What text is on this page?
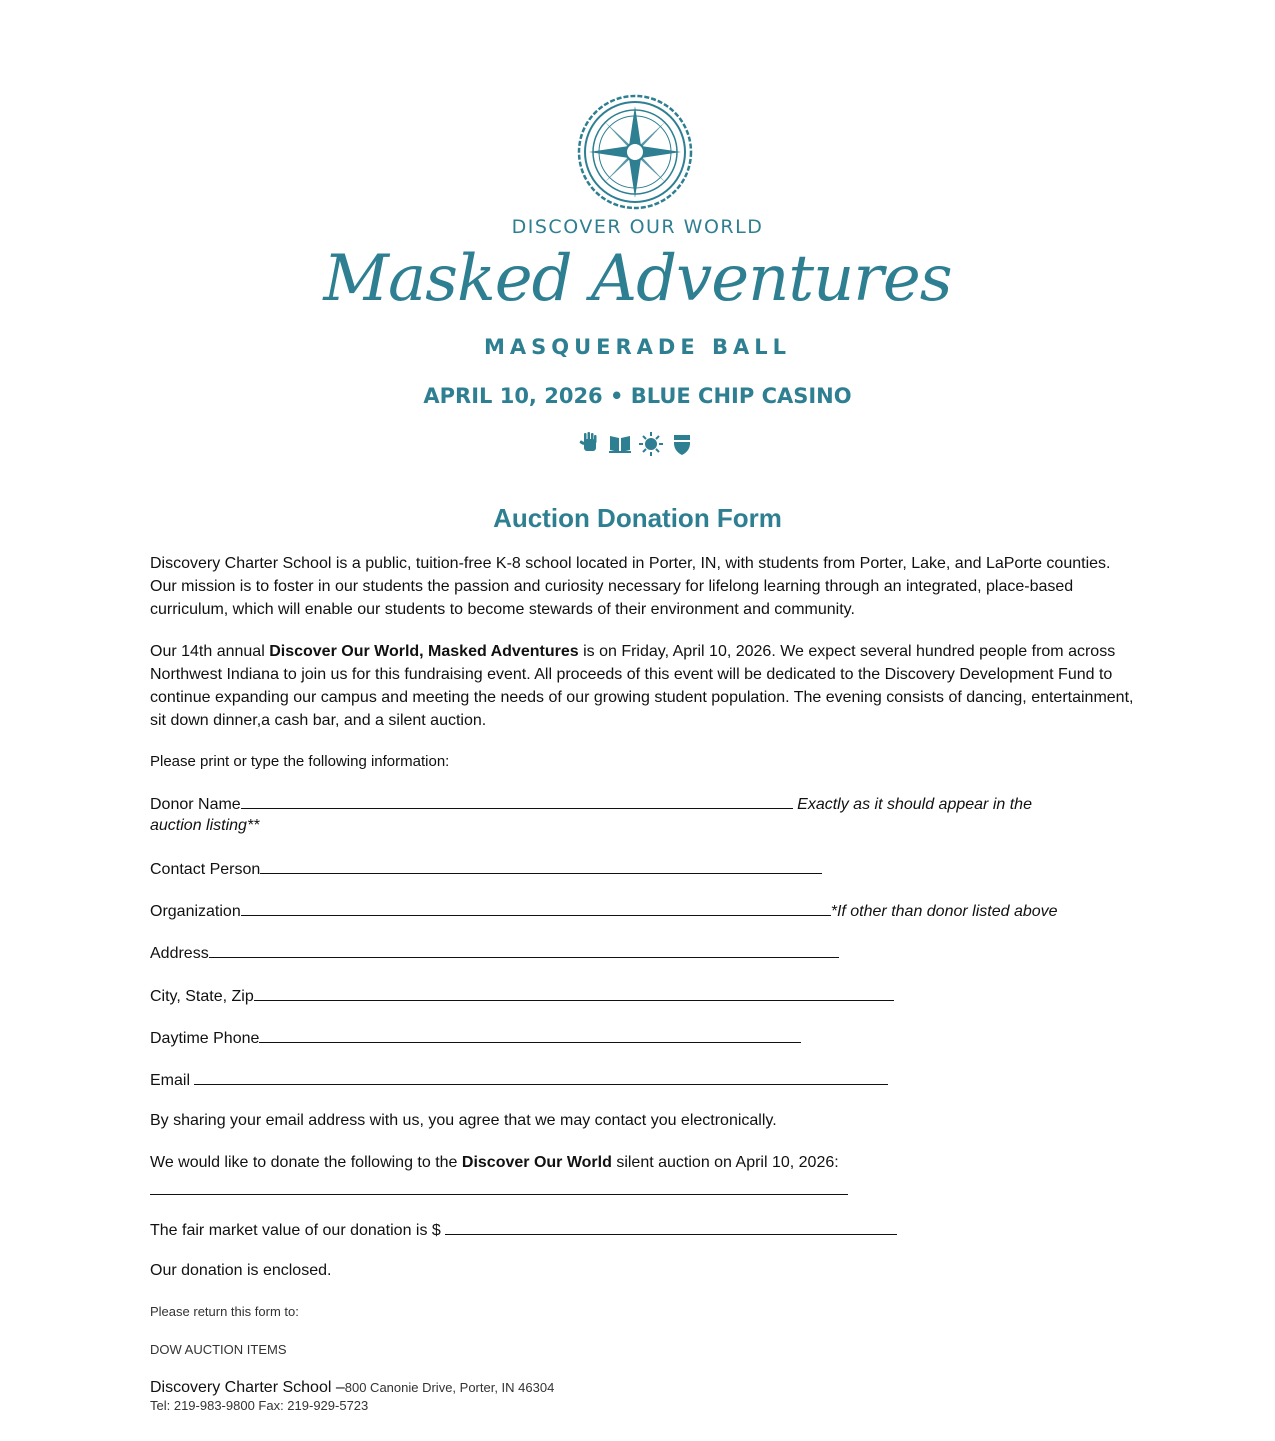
DISCOVER OUR WORLD
Masked Adventures
MASQUERADE BALL
APRIL 10, 2026 • BLUE CHIP CASINO
Auction Donation Form
Discovery Charter School is a public, tuition-free K-8 school located in Porter, IN, with students from Porter, Lake, and LaPorte counties. Our mission is to foster in our students the passion and curiosity necessary for lifelong learning through an integrated, place-based curriculum, which will enable our students to become stewards of their environment and community.
Our 14th annual Discover Our World, Masked Adventures is on Friday, April 10, 2026. We expect several hundred people from across Northwest Indiana to join us for this fundraising event. All proceeds of this event will be dedicated to the Discovery Development Fund to continue expanding our campus and meeting the needs of our growing student population. The evening consists of dancing, entertainment, sit down dinner,a cash bar, and a silent auction.
Please print or type the following information:
Donor Name	Exactly as it should appear in the
auction listing**
Contact Person
Organization	*If other than donor listed above
Address
City, State, Zip
Daytime Phone
Email
By sharing your email address with us, you agree that we may contact you electronically.
We would like to donate the following to the Discover Our World silent auction on April 10, 2026:
The fair market value of our donation is $
Our donation is enclosed.
Please return this form to:
DOW AUCTION ITEMS
Discovery Charter School –800 Canonie Drive, Porter, IN 46304
Tel: 219-983-9800 Fax: 219-929-5723
